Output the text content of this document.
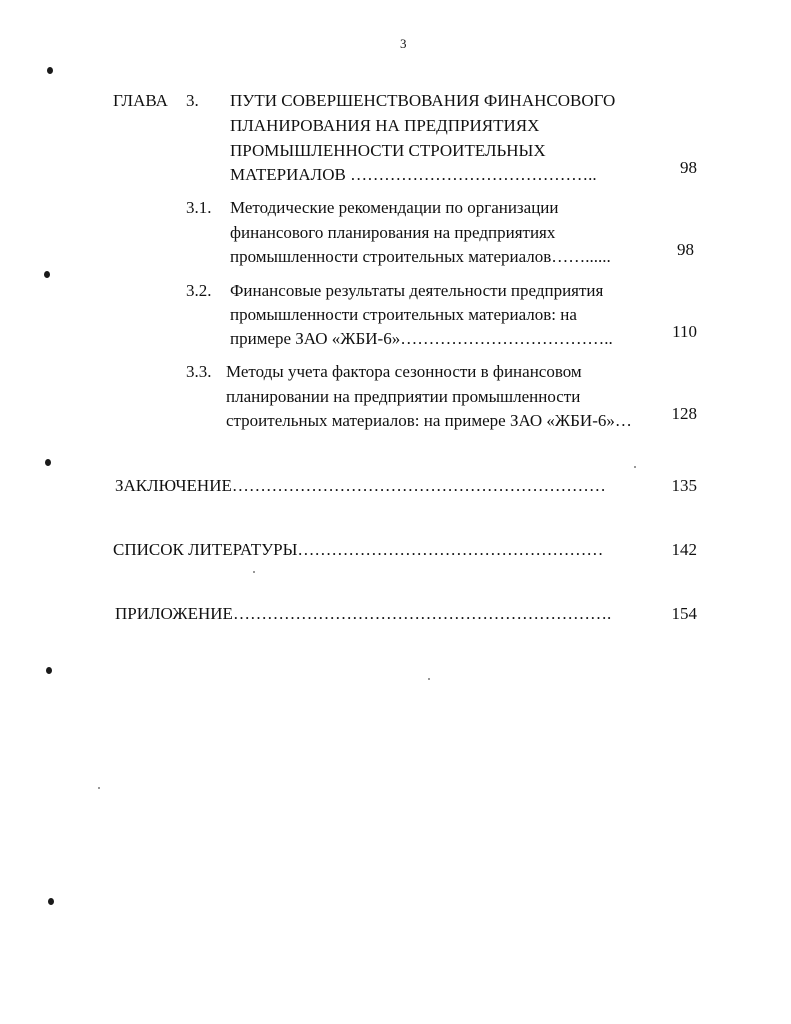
3
ГЛАВА 3. ПУТИ СОВЕРШЕНСТВОВАНИЯ ФИНАНСОВОГО
ПЛАНИРОВАНИЯ НА ПРЕДПРИЯТИЯХ
ПРОМЫШЛЕННОСТИ СТРОИТЕЛЬНЫХ
МАТЕРИАЛОВ ……………………………………..	98
3.1. Методические рекомендации по организации
финансового планирования на предприятиях
промышленности строительных материалов……......	98
3.2. Финансовые результаты деятельности предприятия
промышленности строительных материалов: на
примере ЗАО «ЖБИ-6»………………………………..	110
3.3. Методы учета фактора сезонности в финансовом
планировании на предприятии промышленности
строительных материалов: на примере ЗАО «ЖБИ-6»…	128
ЗАКЛЮЧЕНИЕ…………………………………………………………	135
СПИСОК ЛИТЕРАТУРЫ………………………………………………	142
ПРИЛОЖЕНИЕ………………………………………………………….	154
